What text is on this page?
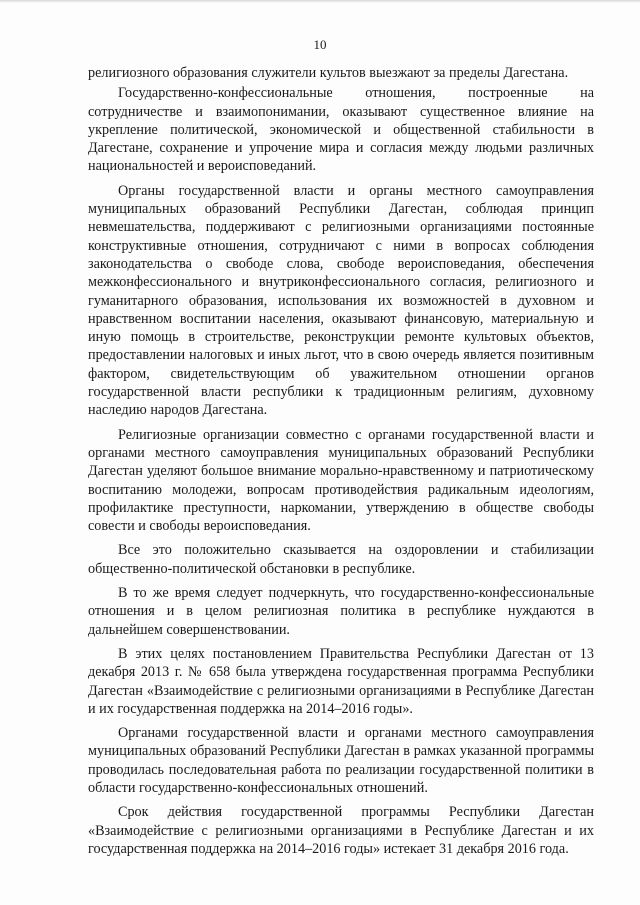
10

религиозного образования служители культов выезжают за пределы Дагестана.

Государственно-конфессиональные отношения, построенные на сотрудничестве и взаимопонимании, оказывают существенное влияние на укрепление политической, экономической и общественной стабильности в Дагестане, сохранение и упрочение мира и согласия между людьми различных национальностей и вероисповеданий.

Органы государственной власти и органы местного самоуправления муниципальных образований Республики Дагестан, соблюдая принцип невмешательства, поддерживают с религиозными организациями постоянные конструктивные отношения, сотрудничают с ними в вопросах соблюдения законодательства о свободе слова, свободе вероисповедания, обеспечения межконфессионального и внутриконфессионального согласия, религиозного и гуманитарного образования, использования их возможностей в духовном и нравственном воспитании населения, оказывают финансовую, материальную и иную помощь в строительстве, реконструкции ремонте культовых объектов, предоставлении налоговых и иных льгот, что в свою очередь является позитивным фактором, свидетельствующим об уважительном отношении органов государственной власти республики к традиционным религиям, духовному наследию народов Дагестана.

Религиозные организации совместно с органами государственной власти и органами местного самоуправления муниципальных образований Республики Дагестан уделяют большое внимание морально-нравственному и патриотическому воспитанию молодежи, вопросам противодействия радикальным идеологиям, профилактике преступности, наркомании, утверждению в обществе свободы совести и свободы вероисповедания.

Все это положительно сказывается на оздоровлении и стабилизации общественно-политической обстановки в республике.

В то же время следует подчеркнуть, что государственно-конфессиональные отношения и в целом религиозная политика в республике нуждаются в дальнейшем совершенствовании.

В этих целях постановлением Правительства Республики Дагестан от 13 декабря 2013 г. № 658 была утверждена государственная программа Республики Дагестан «Взаимодействие с религиозными организациями в Республике Дагестан и их государственная поддержка на 2014–2016 годы».

Органами государственной власти и органами местного самоуправления муниципальных образований Республики Дагестан в рамках указанной программы проводилась последовательная работа по реализации государственной политики в области государственно-конфессиональных отношений.

Срок действия государственной программы Республики Дагестан «Взаимодействие с религиозными организациями в Республике Дагестан и их государственная поддержка на 2014–2016 годы» истекает 31 декабря 2016 года.
